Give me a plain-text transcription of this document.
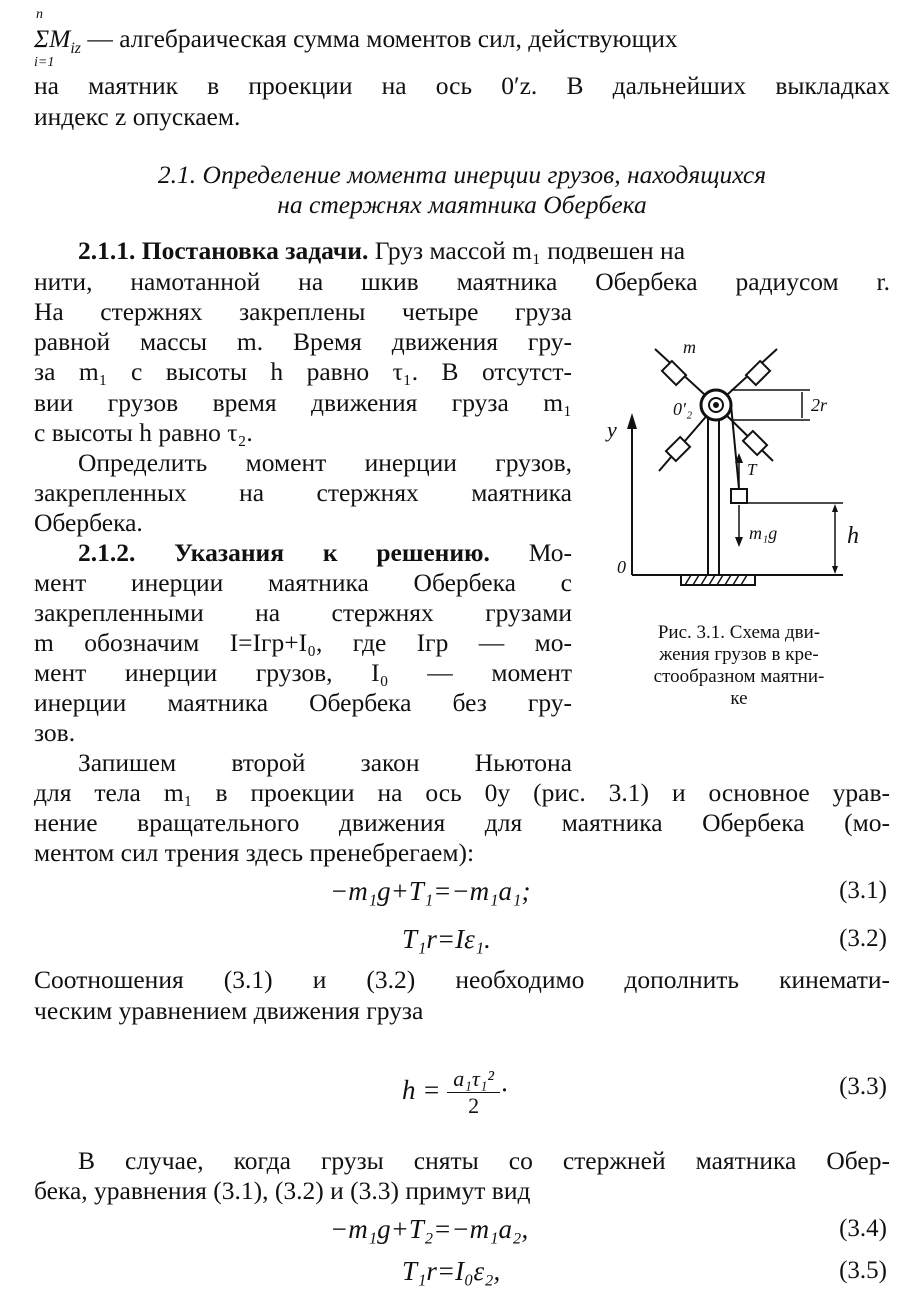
n
i=1

$\Sigma M_{iz}$ — алгебраическая сумма моментов сил, действующих

на маятник в проекции на ось 0′z. В дальнейших выкладках

индекс z опускаем.

2.1. Определение момента инерции грузов, находящихся

на стержнях маятника Обербека

2.1.1. Постановка задачи. Груз массой m₁ подвешен на

нити, намотанной на шкив маятника Обербека радиусом r.

На стержнях закреплены четыре груза

равной массы m. Время движения гру-

за m₁ с высоты h равно τ₁. В отсутст-

вии грузов время движения груза m₁

с высоты h равно τ₂.

Определить момент инерции грузов,

закрепленных на стержнях маятника

Обербека.

2.1.2. Указания к решению. Мо-

мент инерции маятника Обербека с

закрепленными на стержнях грузами

m обозначим I=Iгр+I₀, где Iгр — мо-

мент инерции грузов, I₀ — момент

инерции маятника Обербека без гру-

зов.

Запишем второй закон Ньютона

для тела m₁ в проекции на ось 0y (рис. 3.1) и основное урав-

нение вращательного движения для маятника Обербека (мо-

ментом сил трения здесь пренебрегаем):

−m₁g+T₁=−m₁a₁;	(3.1)
T₁r=Iε₁.	(3.2)

Соотношения (3.1) и (3.2) необходимо дополнить кинемати-

ческим уравнением движения груза

$h = \frac{\text{a₁τ₁²}}{2}$ ·	(3.3)

В случае, когда грузы сняты со стержней маятника Обер-

бека, уравнения (3.1), (3.2) и (3.3) примут вид

−m₁g+T₂=−m₁a₂,	(3.4)
T₁r=I₀ε₂,	(3.5)
m
0′₂	2r
y
0
T⃗
m₁g⃗ h
Рис. 3.1. Схема дви-
жения грузов в кре-
стообразном маятни-
ке
